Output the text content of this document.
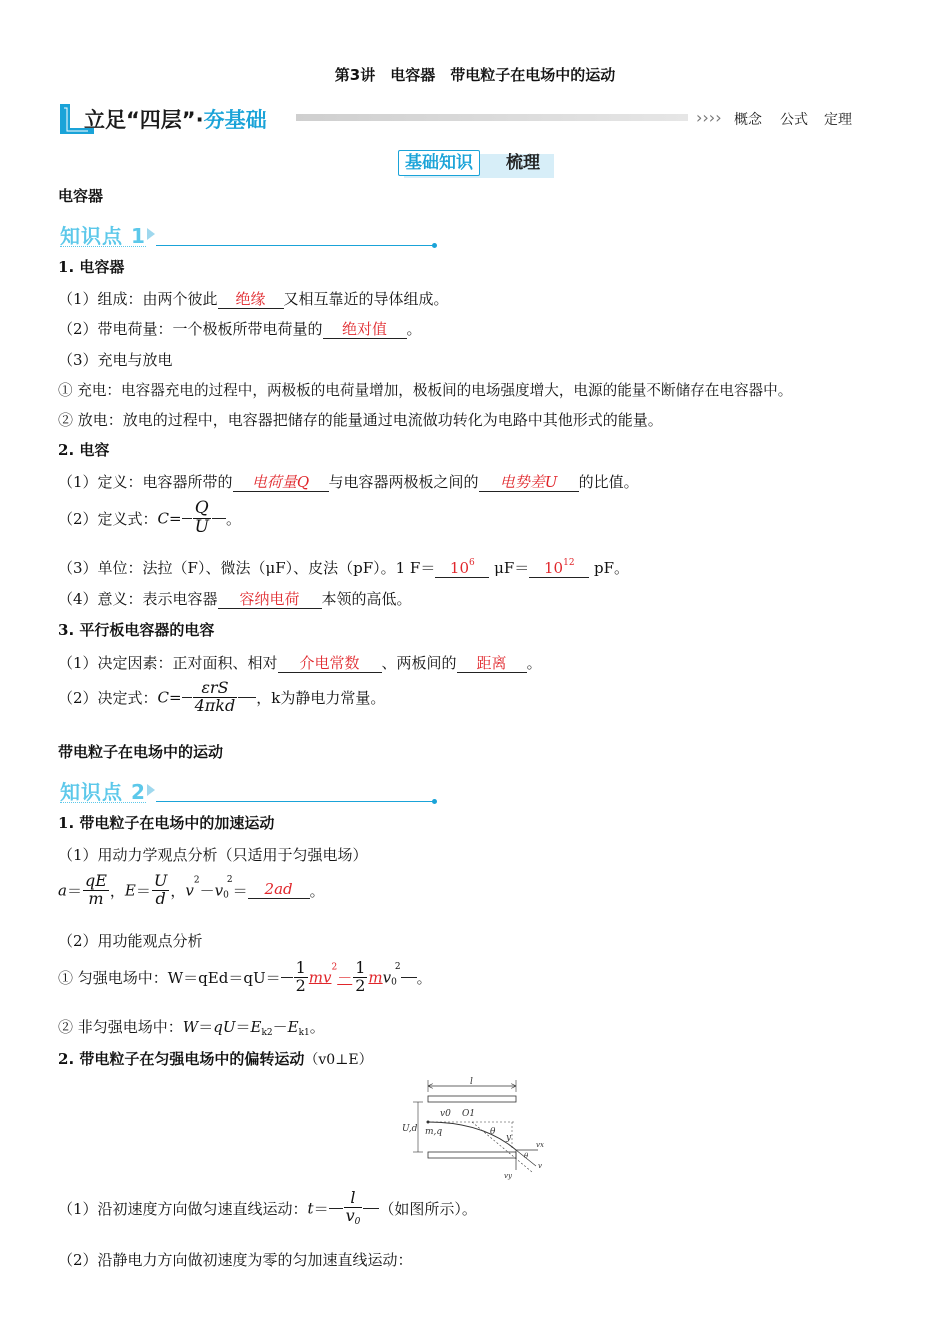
第3讲　电容器　带电粒子在电场中的运动
立足“四层”·夯基础	›››› 概念 公式 定理
基础知识	梳理
电容器
知识点 1
1. 电容器
（1）组成：由两个彼此 绝缘 又相互靠近的导体组成。
（2）带电荷量：一个极板所带电荷量的 绝对值 。
（3）充电与放电
① 充电：电容器充电的过程中，两极板的电荷量增加，极板间的电场强度增大，电源的能量不断储存在电容器中。
② 放电：放电的过程中，电容器把储存的能量通过电流做功转化为电路中其他形式的能量。
2. 电容
（1）定义：电容器所带的 电荷量Q 与电容器两极板之间的 电势差U 的比值。
（2）定义式：$C= \frac{Q}{U}$ 。
（3）单位：法拉（F）、微法（μF）、皮法（pF）。1 $F= 10^6$ $\mu F= 10^{12}$ pF。
（4）意义：表示电容器 容纳电荷 本领的高低。
3. 平行板电容器的电容
（1）决定因素：正对面积、相对 介电常数 、两板间的 距离 。
（2）决定式：$C= \frac{\text{εrS}}{\text{4πkd}}$ ，k为静电力常量。
带电粒子在电场中的运动
知识点 2
1. 带电粒子在电场中的加速运动
（1）用动力学观点分析（只适用于匀强电场）
$a= \frac{qE}{m}$ ，$E= \frac{U}{d}$ ，$v^2-v_0^2= 2ad$ 。
（2）用功能观点分析
① 匀强电场中：$W=qEd=qU= \frac{1}{2} mv^2- \frac{1}{2} mv_0^2$。
② 非匀强电场中：$W=qU=E_{k2}-E_{k1}$。
2. 带电粒子在匀强电场中的偏转运动（v0⊥E）
l
U,d m,q
v0 O1
θ
y
vx
v
vy
θ
（1）沿初速度方向做匀速直线运动：$t= \frac{l}{v_0}$ （如图所示）。
（2）沿静电力方向做初速度为零的匀加速直线运动：
